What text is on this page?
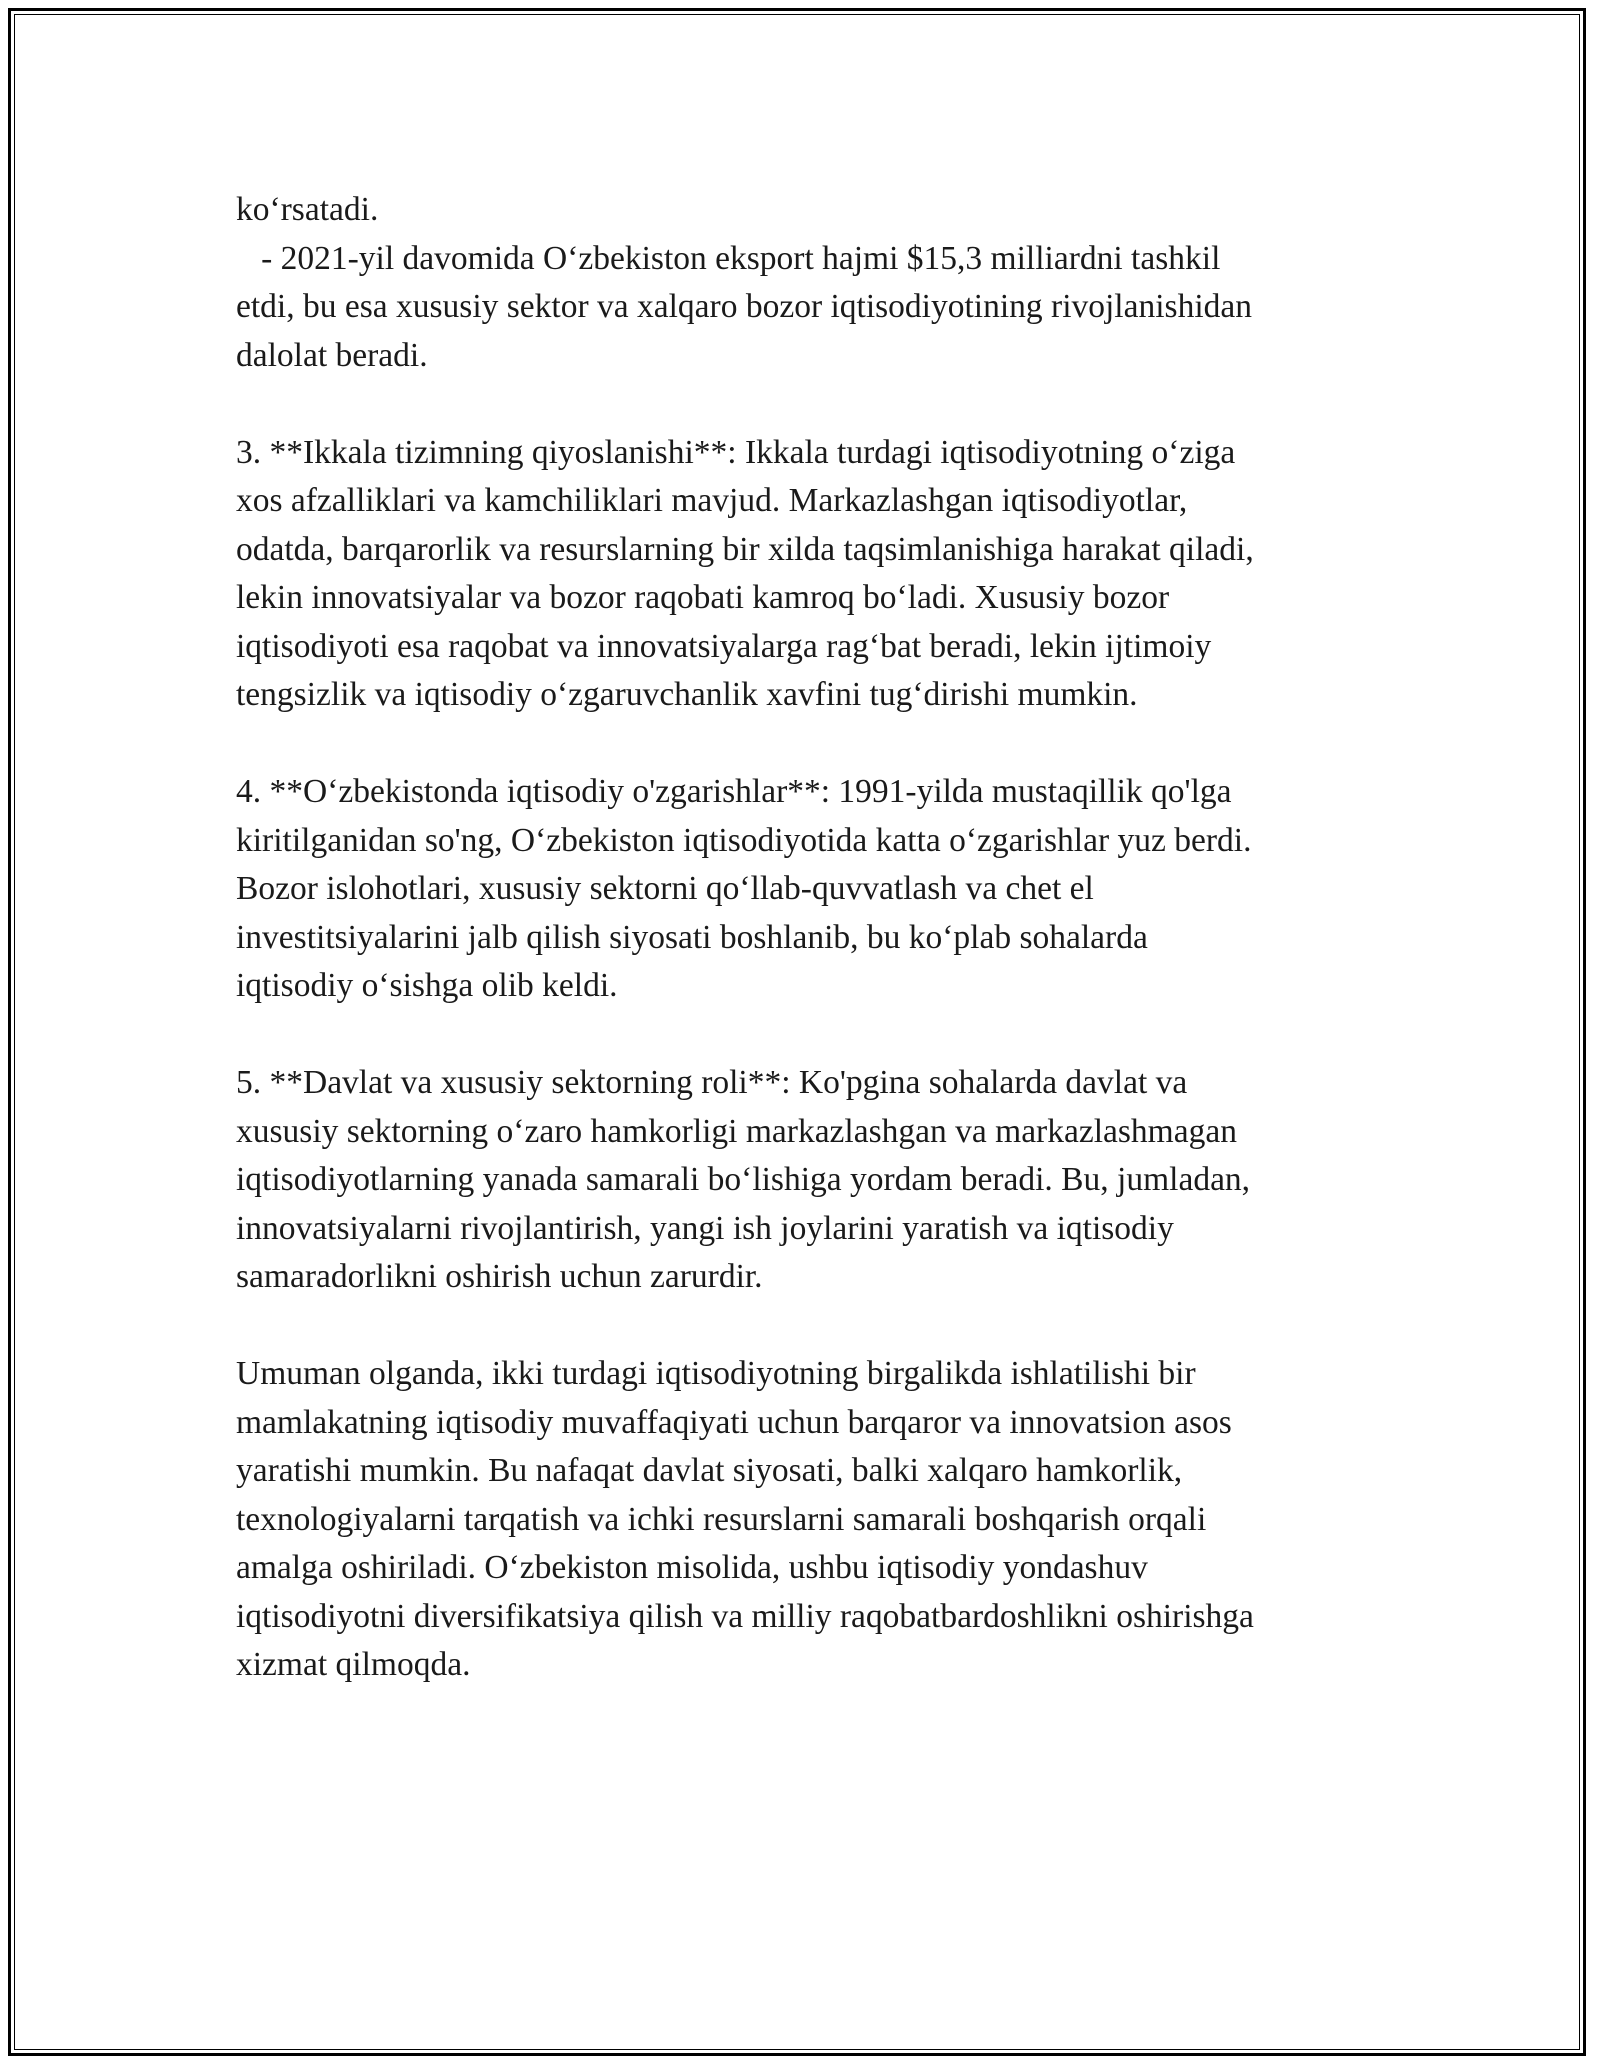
ko‘rsatadi.
- 2021-yil davomida O‘zbekiston eksport hajmi $15,3 milliardni tashkil
etdi, bu esa xususiy sektor va xalqaro bozor iqtisodiyotining rivojlanishidan
dalolat beradi.

3. **Ikkala tizimning qiyoslanishi**: Ikkala turdagi iqtisodiyotning o‘ziga
xos afzalliklari va kamchiliklari mavjud. Markazlashgan iqtisodiyotlar,
odatda, barqarorlik va resurslarning bir xilda taqsimlanishiga harakat qiladi,
lekin innovatsiyalar va bozor raqobati kamroq bo‘ladi. Xususiy bozor
iqtisodiyoti esa raqobat va innovatsiyalarga rag‘bat beradi, lekin ijtimoiy
tengsizlik va iqtisodiy o‘zgaruvchanlik xavfini tug‘dirishi mumkin.

4. **O‘zbekistonda iqtisodiy o'zgarishlar**: 1991-yilda mustaqillik qo'lga
kiritilganidan so'ng, O‘zbekiston iqtisodiyotida katta o‘zgarishlar yuz berdi.
Bozor islohotlari, xususiy sektorni qo‘llab-quvvatlash va chet el
investitsiyalarini jalb qilish siyosati boshlanib, bu ko‘plab sohalarda
iqtisodiy o‘sishga olib keldi.

5. **Davlat va xususiy sektorning roli**: Ko'pgina sohalarda davlat va
xususiy sektorning o‘zaro hamkorligi markazlashgan va markazlashmagan
iqtisodiyotlarning yanada samarali bo‘lishiga yordam beradi. Bu, jumladan,
innovatsiyalarni rivojlantirish, yangi ish joylarini yaratish va iqtisodiy
samaradorlikni oshirish uchun zarurdir.

Umuman olganda, ikki turdagi iqtisodiyotning birgalikda ishlatilishi bir
mamlakatning iqtisodiy muvaffaqiyati uchun barqaror va innovatsion asos
yaratishi mumkin. Bu nafaqat davlat siyosati, balki xalqaro hamkorlik,
texnologiyalarni tarqatish va ichki resurslarni samarali boshqarish orqali
amalga oshiriladi. O‘zbekiston misolida, ushbu iqtisodiy yondashuv
iqtisodiyotni diversifikatsiya qilish va milliy raqobatbardoshlikni oshirishga
xizmat qilmoqda.
